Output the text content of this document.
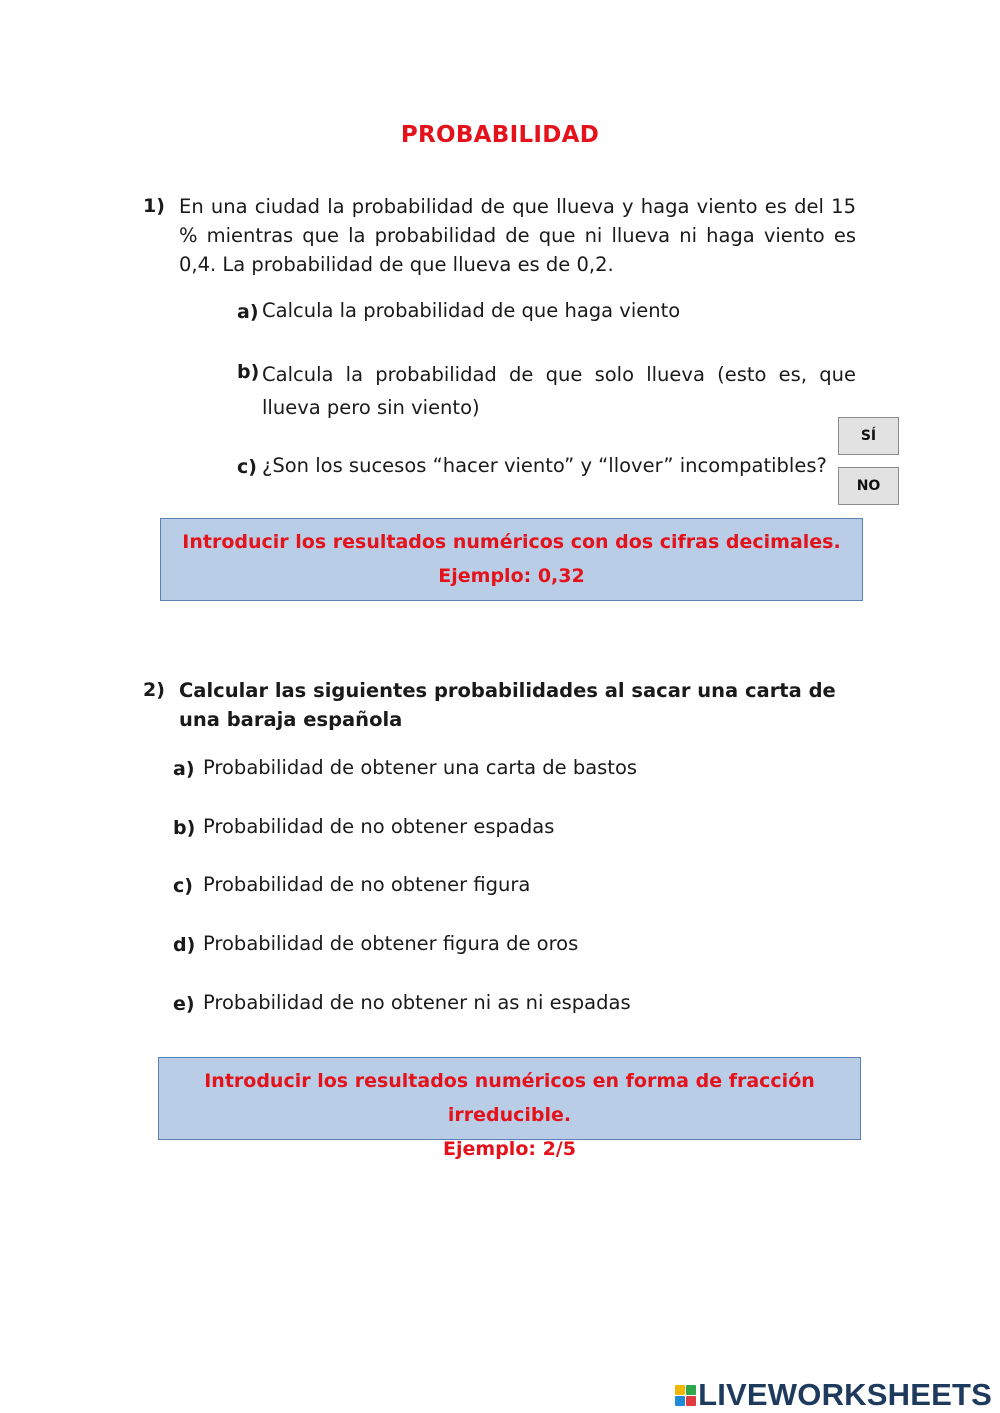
PROBABILIDAD
1) En una ciudad la probabilidad de que llueva y haga viento es del 15 % mientras que la probabilidad de que ni llueva ni haga viento es 0,4. La probabilidad de que llueva es de 0,2.
a) Calcula la probabilidad de que haga viento
b) Calcula la probabilidad de que solo llueva (esto es, que llueva pero sin viento)
c) ¿Son los sucesos “hacer viento” y “llover” incompatibles?
SÍ
NO
Introducir los resultados numéricos con dos cifras decimales.
Ejemplo: 0,32
2) Calcular las siguientes probabilidades al sacar una carta de una baraja española
a) Probabilidad de obtener una carta de bastos
b) Probabilidad de no obtener espadas
c) Probabilidad de no obtener figura
d) Probabilidad de obtener figura de oros
e) Probabilidad de no obtener ni as ni espadas
Introducir los resultados numéricos en forma de fracción irreducible.
Ejemplo: 2/5
LIVEWORKSHEETS
